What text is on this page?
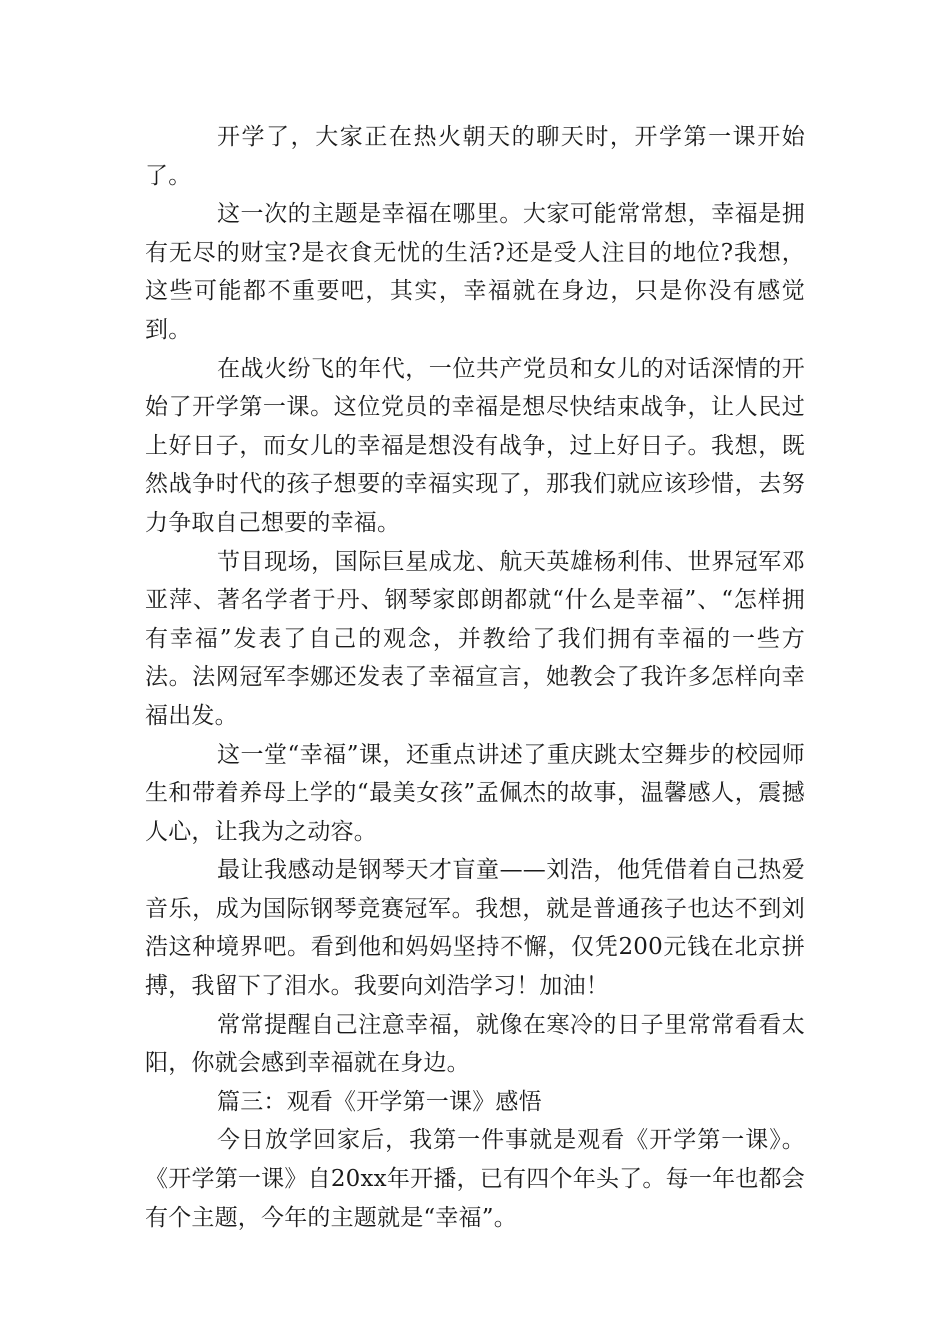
开学了，大家正在热火朝天的聊天时，开学第一课开始了。

这一次的主题是幸福在哪里。大家可能常常想，幸福是拥有无尽的财宝?是衣食无忧的生活?还是受人注目的地位?我想，这些可能都不重要吧，其实，幸福就在身边，只是你没有感觉到。

在战火纷飞的年代，一位共产党员和女儿的对话深情的开始了开学第一课。这位党员的幸福是想尽快结束战争，让人民过上好日子，而女儿的幸福是想没有战争，过上好日子。我想，既然战争时代的孩子想要的幸福实现了，那我们就应该珍惜，去努力争取自己想要的幸福。

节目现场，国际巨星成龙、航天英雄杨利伟、世界冠军邓亚萍、著名学者于丹、钢琴家郎朗都就“什么是幸福”、“怎样拥有幸福”发表了自己的观念，并教给了我们拥有幸福的一些方法。法网冠军李娜还发表了幸福宣言，她教会了我许多怎样向幸福出发。

这一堂“幸福”课，还重点讲述了重庆跳太空舞步的校园师生和带着养母上学的“最美女孩”孟佩杰的故事，温馨感人，震撼人心，让我为之动容。

最让我感动是钢琴天才盲童——刘浩，他凭借着自己热爱音乐，成为国际钢琴竞赛冠军。我想，就是普通孩子也达不到刘浩这种境界吧。看到他和妈妈坚持不懈，仅凭200元钱在北京拼搏，我留下了泪水。我要向刘浩学习！加油！

常常提醒自己注意幸福，就像在寒冷的日子里常常看看太阳，你就会感到幸福就在身边。

篇三：观看《开学第一课》感悟

今日放学回家后，我第一件事就是观看《开学第一课》。《开学第一课》自20xx年开播，已有四个年头了。每一年也都会有个主题，今年的主题就是“幸福”。
